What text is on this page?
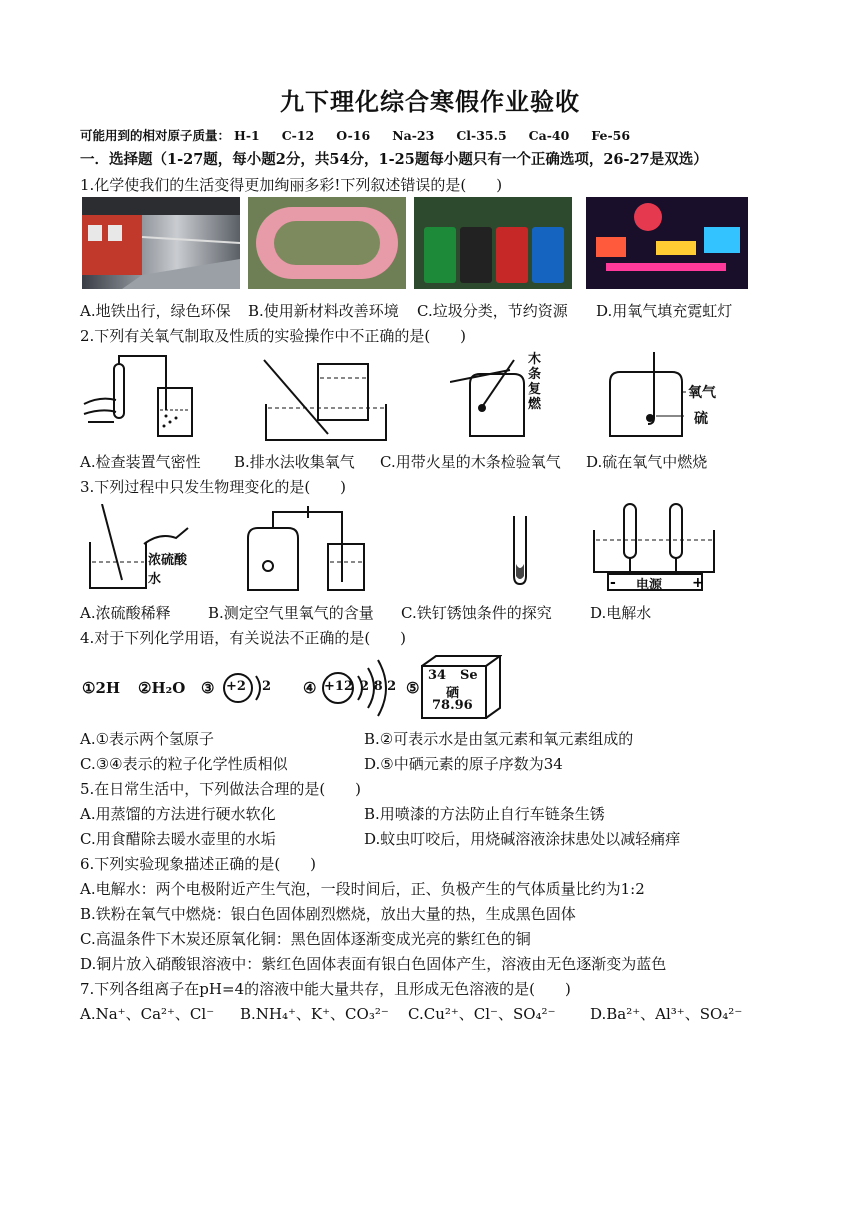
九下理化综合寒假作业验收
可能用到的相对原子质量： H-1 C-12 O-16 Na-23 Cl-35.5 Ca-40 Fe-56
一．选择题（1-27题，每小题2分，共54分，1-25题每小题只有一个正确选项，26-27是双选）
1.化学使我们的生活变得更加绚丽多彩!下列叙述错误的是(　　)
A.地铁出行，绿色环保 B.使用新材料改善环境 C.垃圾分类，节约资源 D.用氧气填充霓虹灯
2.下列有关氧气制取及性质的实验操作中不正确的是(　　)
木条复燃
氧气
硫
A.检查装置气密性 B.排水法收集氧气 C.用带火星的木条检验氧气 D.硫在氧气中燃烧
3.下列过程中只发生物理变化的是(　　)
浓硫酸
水	-	+
电源
A.浓硫酸稀释 B.测定空气里氧气的含量 C.铁钉锈蚀条件的探究	D.电解水
4.对于下列化学用语，有关说法不正确的是(　　)
①2H ②H₂O ③ +2 2 ④ +12 2 8 2 ⑤
34 Se
硒
78.96
A.①表示两个氢原子	B.②可表示水是由氢元素和氧元素组成的
C.③④表示的粒子化学性质相似	D.⑤中硒元素的原子序数为34
5.在日常生活中，下列做法合理的是(　　)
A.用蒸馏的方法进行硬水软化	B.用喷漆的方法防止自行车链条生锈
C.用食醋除去暖水壶里的水垢	D.蚊虫叮咬后，用烧碱溶液涂抹患处以减轻痛痒
6.下列实验现象描述正确的是(　　)
A.电解水：两个电极附近产生气泡，一段时间后，正、负极产生的气体质量比约为1:2
B.铁粉在氧气中燃烧：银白色固体剧烈燃烧，放出大量的热，生成黑色固体
C.高温条件下木炭还原氧化铜：黑色固体逐渐变成光亮的紫红色的铜
D.铜片放入硝酸银溶液中：紫红色固体表面有银白色固体产生，溶液由无色逐渐变为蓝色
7.下列各组离子在pH=4的溶液中能大量共存，且形成无色溶液的是(　　)
A.Na⁺、Ca²⁺、Cl⁻ B.NH₄⁺、K⁺、CO₃²⁻ C.Cu²⁺、Cl⁻、SO₄²⁻ D.Ba²⁺、Al³⁺、SO₄²⁻
